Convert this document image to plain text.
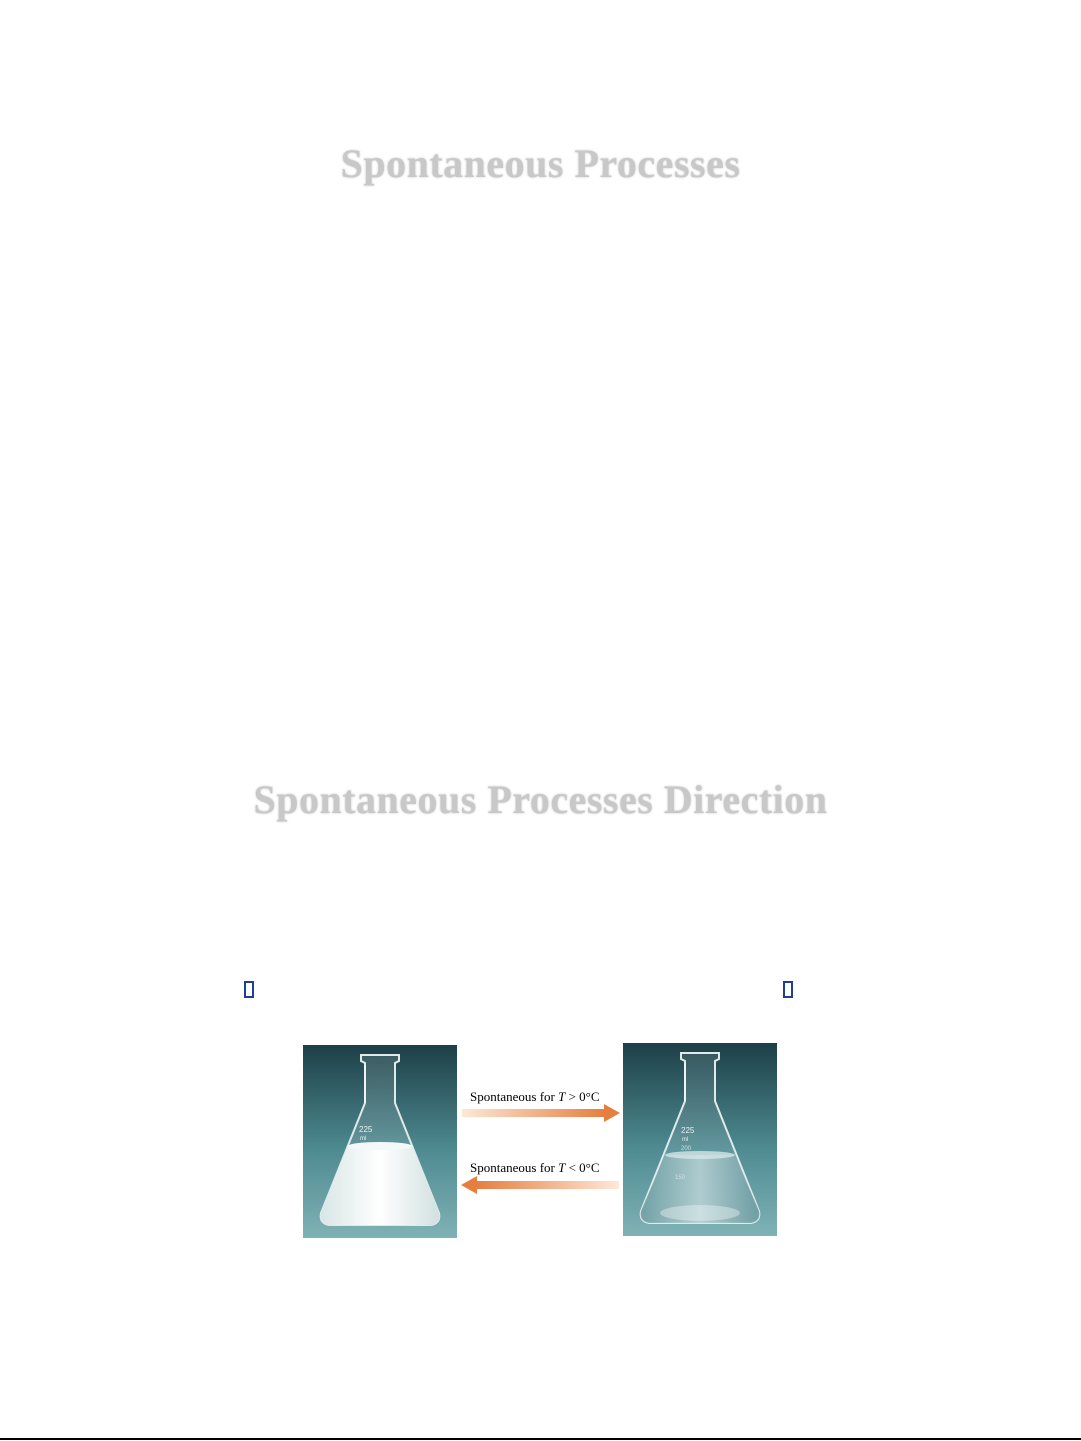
Spontaneous Processes
Spontaneous Processes Direction
225
ml
Spontaneous for T > 0°C
Spontaneous for T < 0°C
225
ml
200
150
